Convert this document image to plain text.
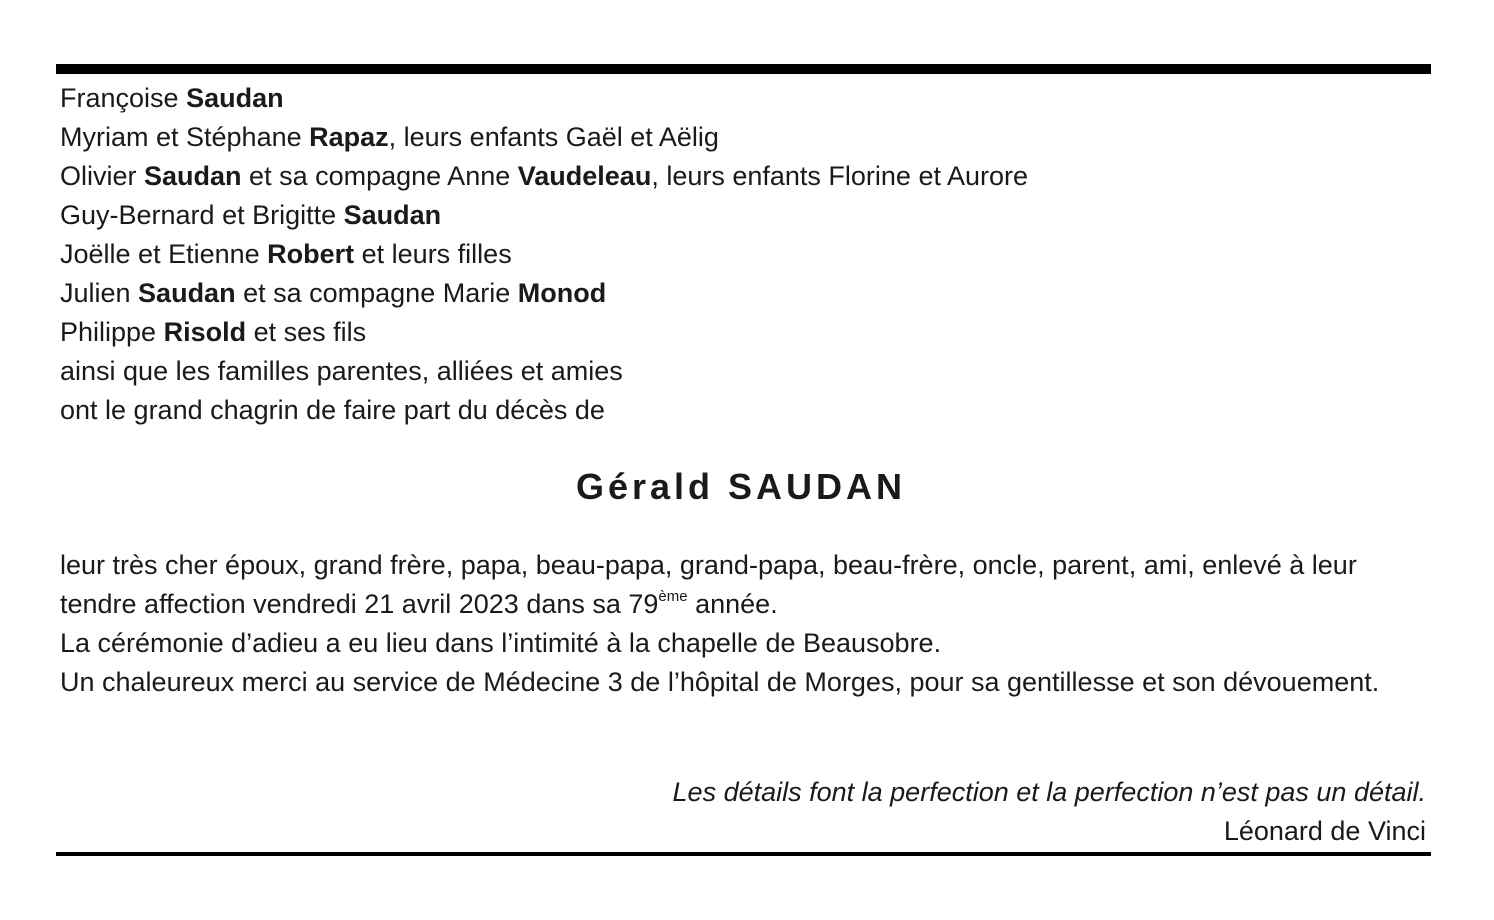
Françoise Saudan
Myriam et Stéphane Rapaz, leurs enfants Gaël et Aëlig
Olivier Saudan et sa compagne Anne Vaudeleau, leurs enfants Florine et Aurore
Guy-Bernard et Brigitte Saudan
Joëlle et Etienne Robert et leurs filles
Julien Saudan et sa compagne Marie Monod
Philippe Risold et ses fils
ainsi que les familles parentes, alliées et amies
ont le grand chagrin de faire part du décès de
Gérald SAUDAN

leur très cher époux, grand frère, papa, beau-papa, grand-papa, beau-frère, oncle, parent, ami, enlevé à leur tendre affection vendredi 21 avril 2023 dans sa 79ème année.

La cérémonie d’adieu a eu lieu dans l’intimité à la chapelle de Beausobre.

Un chaleureux merci au service de Médecine 3 de l’hôpital de Morges, pour sa gentillesse et son dévouement.

Les détails font la perfection et la perfection n’est pas un détail.
Léonard de Vinci
